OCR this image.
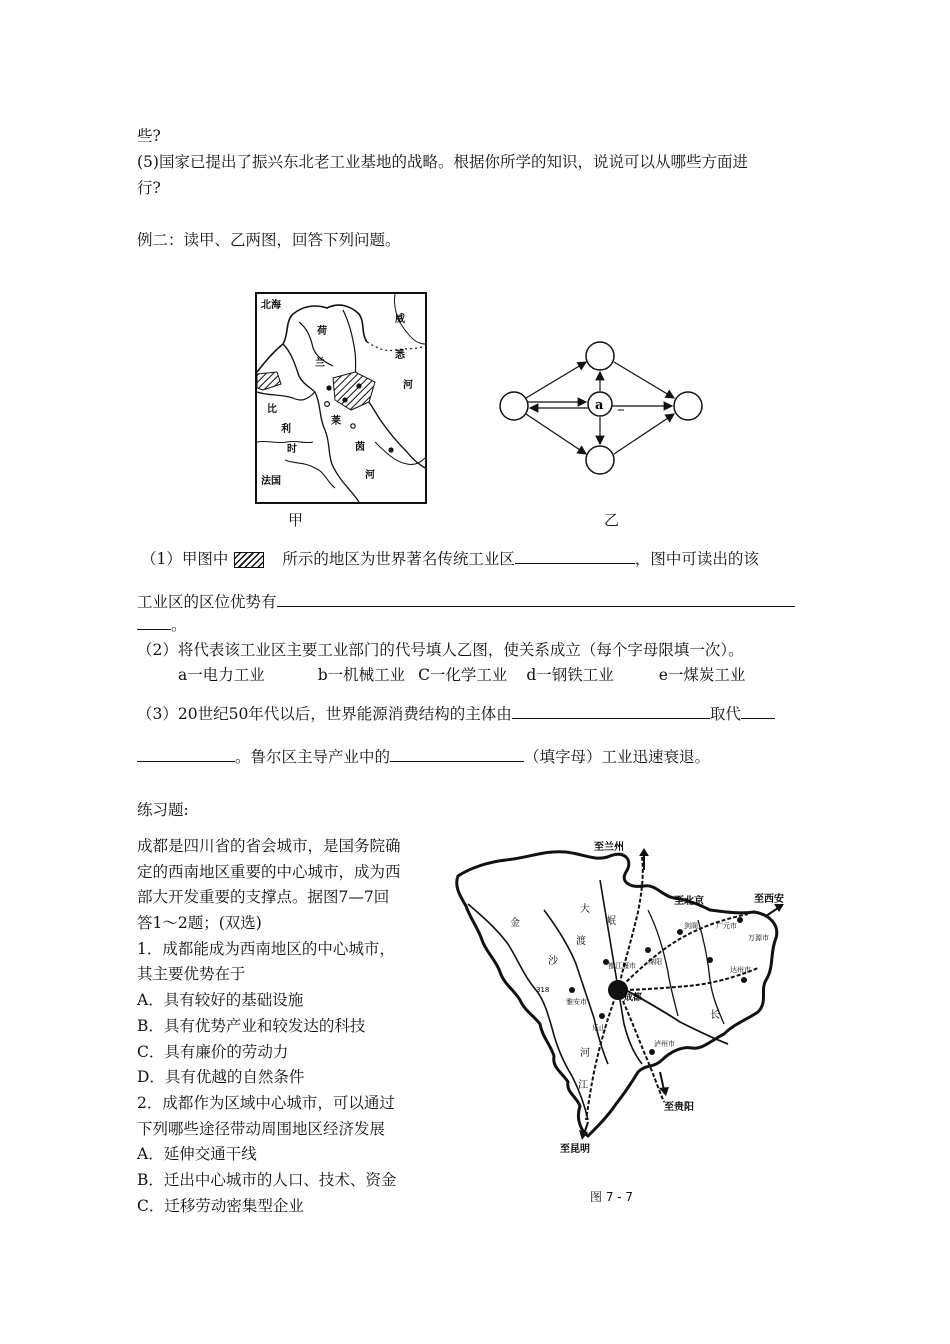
些?
(5)国家已提出了振兴东北老工业基地的战略。根据你所学的知识，说说可以从哪些方面进
行?
例二：读甲、乙两图，回答下列问题。
北海
荷
兰
比
利
时
法国
威
悉
河
莱
茵
河
甲
a
乙
（1）甲图中	所示的地区为世界著名传统工业区	，图中可读出的该
工业区的区位优势有
。
（2）将代表该工业区主要工业部门的代号填人乙图，使关系成立（每个字母限填一次）。
a一电力工业	b一机械工业 C一化学工业 d一钢铁工业	e一煤炭工业
（3）20世纪50年代以后，世界能源消费结构的主体由	取代
。鲁尔区主导产业中的	（填字母）工业迅速衰退。
练习题:
成都是四川省的省会城市，是国务院确
定的西南地区重要的中心城市，成为西
部大开发重要的支撑点。据图7—7回
答1～2题；(双选)
1．成都能成为西南地区的中心城市，
其主要优势在于
A．具有较好的基础设施
B．具有优势产业和较发达的科技
C．具有廉价的劳动力
D．具有优越的自然条件
2．成都作为区域中心城市，可以通过
下列哪些途径带动周围地区经济发展
A．延伸交通干线
B．迁出中心城市的人口、技术、资金
C．迁移劳动密集型企业
至兰州
至北京	至西安
至贵阳
至昆明
广元市
万源市
达州市
剑阁
都江堰市 绵阳
成都
雅安市
乐山
泸州市
318
大
渡
河
江
金
沙
岷
长
图 7 - 7
